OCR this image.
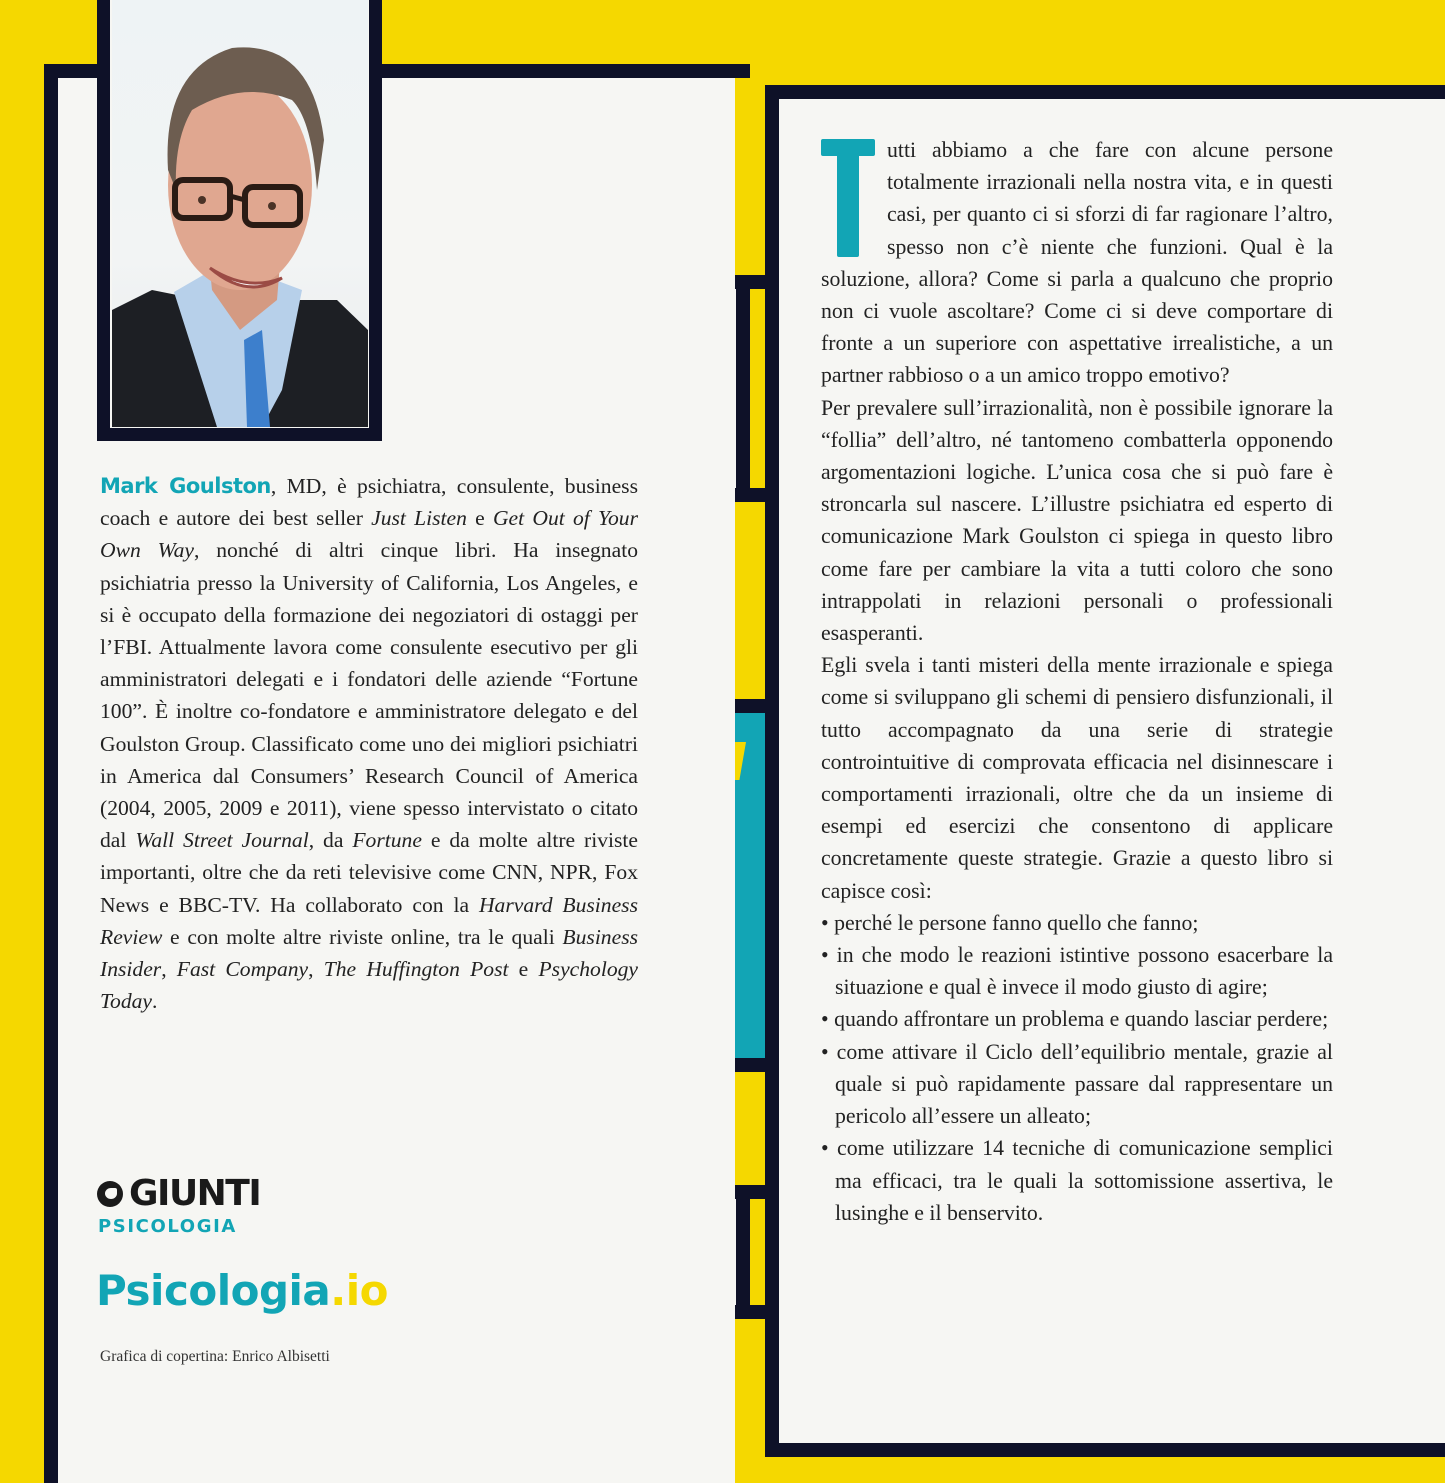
Mark Goulston, MD, è psichiatra, consulente, business coach e autore dei best seller Just Listen e Get Out of Your Own Way, nonché di altri cinque libri. Ha insegnato psichiatria presso la University of California, Los Angeles, e si è occupato della formazione dei negoziatori di ostaggi per l’FBI. Attualmente lavora come consulente esecutivo per gli amministratori delegati e i fondatori delle aziende “Fortune 100”. È inoltre co-fondatore e amministratore delegato e del Goulston Group. Classificato come uno dei migliori psichiatri in America dal Consumers’ Research Council of America (2004, 2005, 2009 e 2011), viene spesso intervistato o citato dal Wall Street Journal, da Fortune e da molte altre riviste importanti, oltre che da reti televisive come CNN, NPR, Fox News e BBC-TV. Ha collaborato con la Harvard Business Review e con molte altre riviste online, tra le quali Business Insider, Fast Company, The Huffington Post e Psychology Today.
GIUNTI
PSICOLOGIA
Psicologia.io
Grafica di copertina: Enrico Albisetti

utti abbiamo a che fare con alcune persone totalmente irrazionali nella nostra vita, e in questi casi, per quanto ci si sforzi di far ragionare l’altro, spesso non c’è niente che funzioni. Qual è la soluzione, allora? Come si parla a qualcuno che proprio non ci vuole ascoltare? Come ci si deve comportare di fronte a un superiore con aspettative irrealistiche, a un partner rabbioso o a un amico troppo emotivo?

Per prevalere sull’irrazionalità, non è possibile ignorare la “follia” dell’altro, né tantomeno combatterla opponendo argomentazioni logiche. L’unica cosa che si può fare è stroncarla sul nascere. L’illustre psichiatra ed esperto di comunicazione Mark Goulston ci spiega in questo libro come fare per cambiare la vita a tutti coloro che sono intrappolati in relazioni personali o professionali esasperanti.

Egli svela i tanti misteri della mente irrazionale e spiega come si sviluppano gli schemi di pensiero disfunzionali, il tutto accompagnato da una serie di strategie controintuitive di comprovata efficacia nel disinnescare i comportamenti irrazionali, oltre che da un insieme di esempi ed esercizi che consentono di applicare concretamente queste strategie. Grazie a questo libro si capisce così:

• perché le persone fanno quello che fanno;

• in che modo le reazioni istintive possono esacerbare la situazione e qual è invece il modo giusto di agire;

• quando affrontare un problema e quando lasciar perdere;

• come attivare il Ciclo dell’equilibrio mentale, grazie al quale si può rapidamente passare dal rappresentare un pericolo all’essere un alleato;

• come utilizzare 14 tecniche di comunicazione semplici ma efficaci, tra le quali la sottomissione assertiva, le lusinghe e il benservito.
